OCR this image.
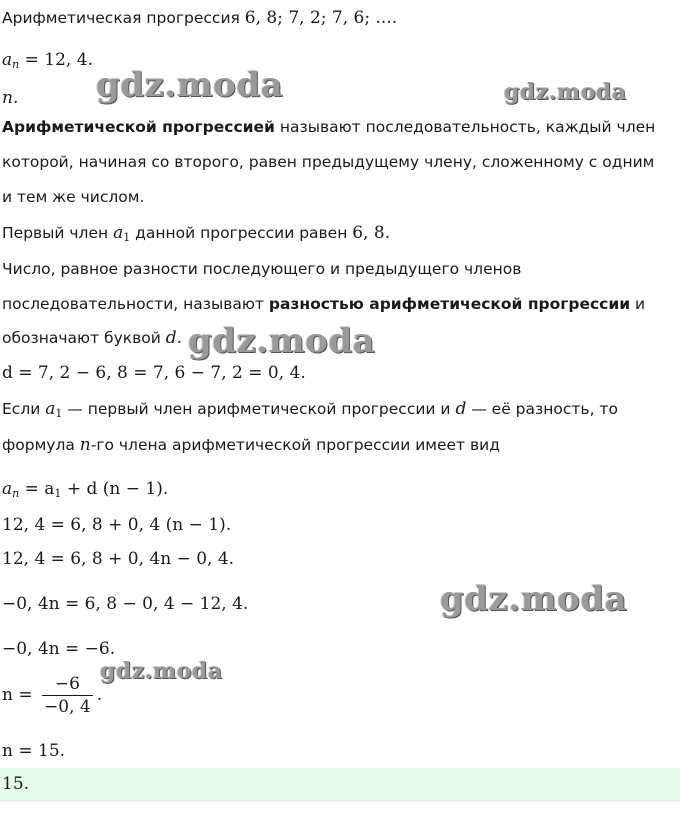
gdz.moda	gdz.moda
gdz.moda
gdz.moda
gdz.moda
Арифметическая прогрессия 6, 8; 7, 2; 7, 6; ....
$a_n = 12$, 4.
n.
Арифметической прогрессией называют последовательность, каждый член
которой, начиная со второго, равен предыдущему члену, сложенному с одним
и тем же числом.
Первый член $a_1$ данной прогрессии равен 6, 8.
Число, равное разности последующего и предыдущего членов
последовательности, называют разностью арифметической прогрессии и
обозначают буквой d.
d = 7, 2 − 6, 8 = 7, 6 − 7, 2 = 0, 4.
Если $a_1$ — первый член арифметической прогрессии и d — её разность, то
формула n-го члена арифметической прогрессии имеет вид
$a_n = a_1 + d$ (n − 1).
12, 4 = 6, 8 + 0, 4 (n − 1).
12, 4 = 6, 8 + 0, 4n − 0, 4.
−0, 4n = 6, 8 − 0, 4 − 12, 4.
−0, 4n = −6.
$n = \frac{-6}{-0, 4}$ .
n = 15.
15.
